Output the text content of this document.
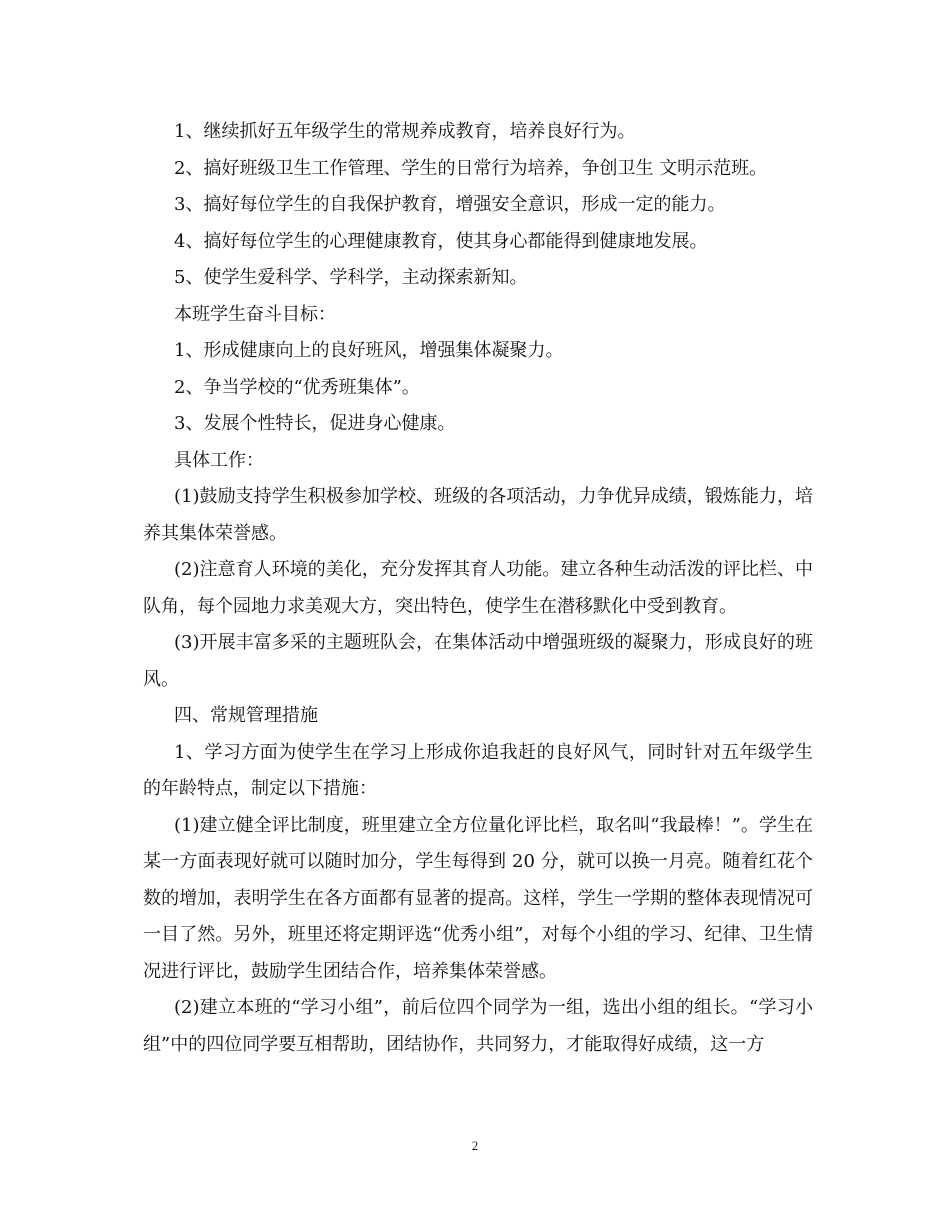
1、继续抓好五年级学生的常规养成教育，培养良好行为。

2、搞好班级卫生工作管理、学生的日常行为培养，争创卫生 文明示范班。

3、搞好每位学生的自我保护教育，增强安全意识，形成一定的能力。

4、搞好每位学生的心理健康教育，使其身心都能得到健康地发展。

5、使学生爱科学、学科学，主动探索新知。

本班学生奋斗目标：

1、形成健康向上的良好班风，增强集体凝聚力。

2、争当学校的“优秀班集体”。

3、发展个性特长，促进身心健康。

具体工作：

(1)鼓励支持学生积极参加学校、班级的各项活动，力争优异成绩，锻炼能力，培养其集体荣誉感。

(2)注意育人环境的美化，充分发挥其育人功能。建立各种生动活泼的评比栏、中队角，每个园地力求美观大方，突出特色，使学生在潜移默化中受到教育。

(3)开展丰富多采的主题班队会，在集体活动中增强班级的凝聚力，形成良好的班风。

四、常规管理措施

1、学习方面为使学生在学习上形成你追我赶的良好风气，同时针对五年级学生的年龄特点，制定以下措施：

(1)建立健全评比制度，班里建立全方位量化评比栏，取名叫“我最棒！”。学生在某一方面表现好就可以随时加分，学生每得到 20 分，就可以换一月亮。随着红花个数的增加，表明学生在各方面都有显著的提高。这样，学生一学期的整体表现情况可一目了然。另外，班里还将定期评选“优秀小组”，对每个小组的学习、纪律、卫生情况进行评比，鼓励学生团结合作，培养集体荣誉感。

(2)建立本班的“学习小组”，前后位四个同学为一组，选出小组的组长。“学习小组”中的四位同学要互相帮助，团结协作，共同努力，才能取得好成绩，这一方

2
